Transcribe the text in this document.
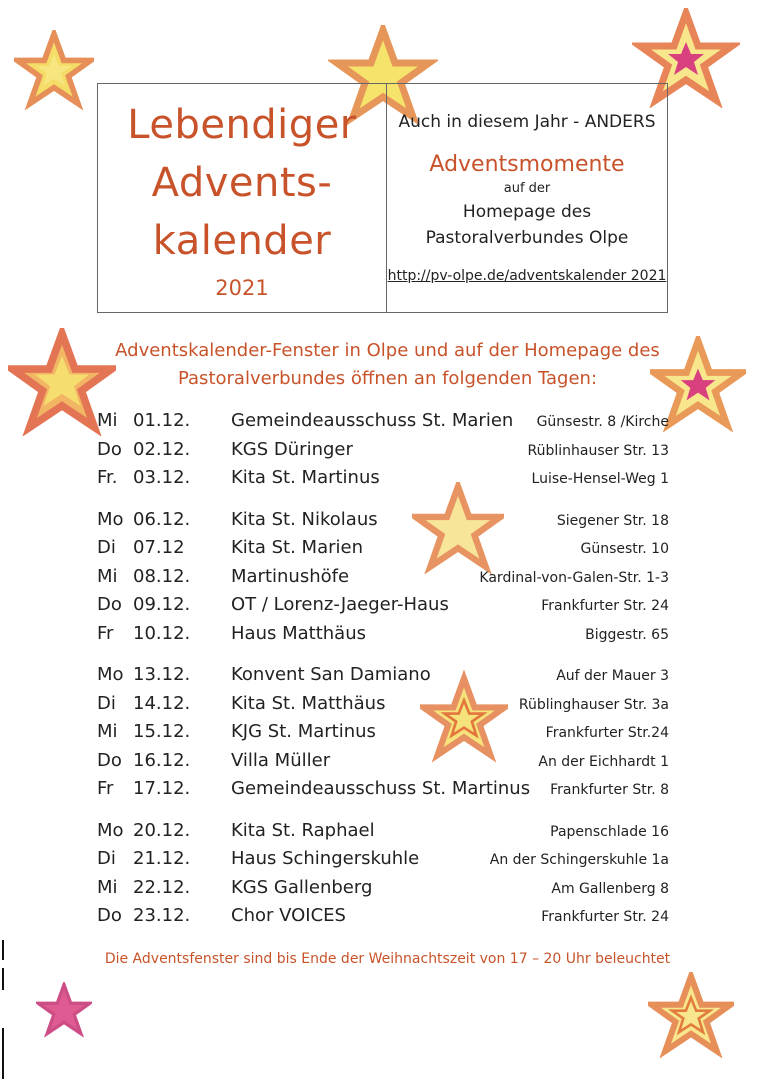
Lebendiger
Advents-
kalender
2021
Auch in diesem Jahr - ANDERS
Adventsmomente
auf der
Homepage des
Pastoralverbundes Olpe
http://pv-olpe.de/adventskalender 2021
Adventskalender-Fenster in Olpe und auf der Homepage des
Pastoralverbundes öffnen an folgenden Tagen:
Mi 01.12.	Gemeindeausschuss St. Marien	Günsestr. 8 /Kirche
Do 02.12.	KGS Düringer	Rüblinhauser Str. 13
Fr. 03.12.	Kita St. Martinus	Luise-Hensel-Weg 1
Mo 06.12.	Kita St. Nikolaus	Siegener Str. 18
Di 07.12	Kita St. Marien	Günsestr. 10
Mi 08.12.	Martinushöfe	Kardinal-von-Galen-Str. 1-3
Do 09.12.	OT / Lorenz-Jaeger-Haus	Frankfurter Str. 24
Fr	10.12.	Haus Matthäus	Biggestr. 65
Mo 13.12.	Konvent San Damiano	Auf der Mauer 3
Di 14.12.	Kita St. Matthäus	Rüblinghauser Str. 3a
Mi 15.12.	KJG St. Martinus	Frankfurter Str.24
Do 16.12.	Villa Müller	An der Eichhardt 1
Fr	17.12.	Gemeindeausschuss St. Martinus	Frankfurter Str. 8
Mo 20.12.	Kita St. Raphael	Papenschlade 16
Di 21.12.	Haus Schingerskuhle	An der Schingerskuhle 1a
Mi 22.12.	KGS Gallenberg	Am Gallenberg 8
Do 23.12.	Chor VOICES	Frankfurter Str. 24
Die Adventsfenster sind bis Ende der Weihnachtszeit von 17 – 20 Uhr beleuchtet
